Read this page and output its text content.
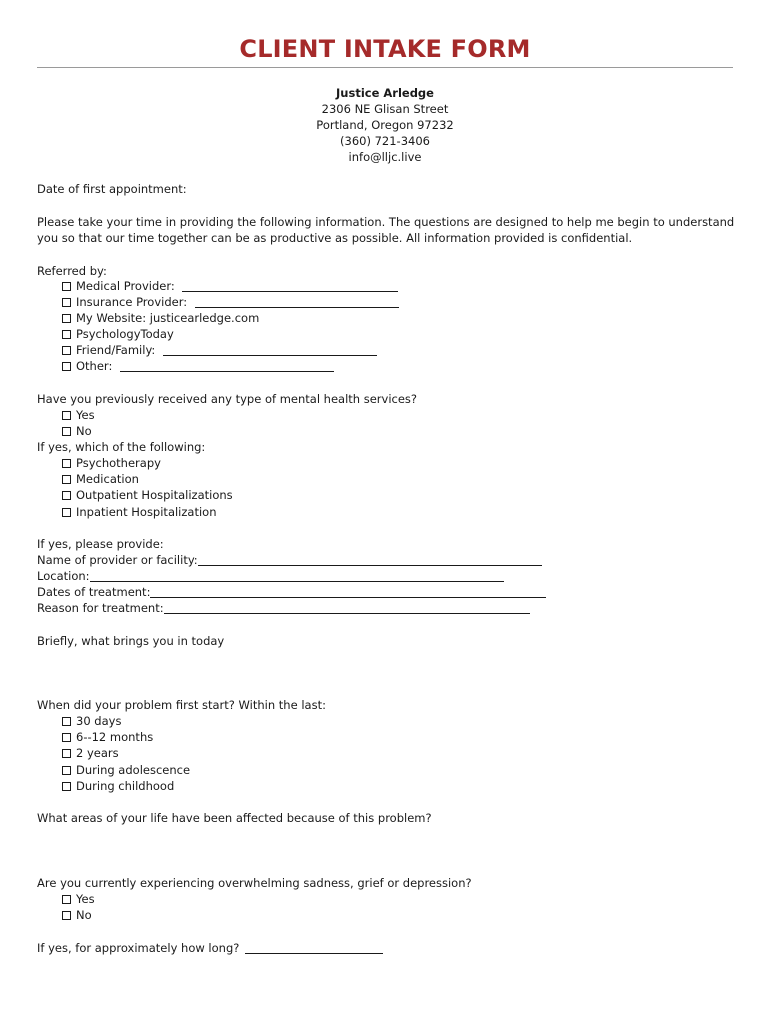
CLIENT INTAKE FORM
Justice Arledge
2306 NE Glisan Street
Portland, Oregon 97232
(360) 721-3406
info@lljc.live
Date of first appointment:
Please take your time in providing the following information. The questions are designed to help me begin to understand you so that our time together can be as productive as possible. All information provided is confidential.
Referred by:
Medical Provider:
Insurance Provider:
My Website: justicearledge.com
PsychologyToday
Friend/Family:
Other:
Have you previously received any type of mental health services?
Yes
No
If yes, which of the following:
Psychotherapy
Medication
Outpatient Hospitalizations
Inpatient Hospitalization
If yes, please provide:
Name of provider or facility:
Location:
Dates of treatment:
Reason for treatment:
Briefly, what brings you in today
When did your problem first start? Within the last:
30 days
6--12 months
2 years
During adolescence
During childhood
What areas of your life have been affected because of this problem?
Are you currently experiencing overwhelming sadness, grief or depression?
Yes
No
If yes, for approximately how long?
